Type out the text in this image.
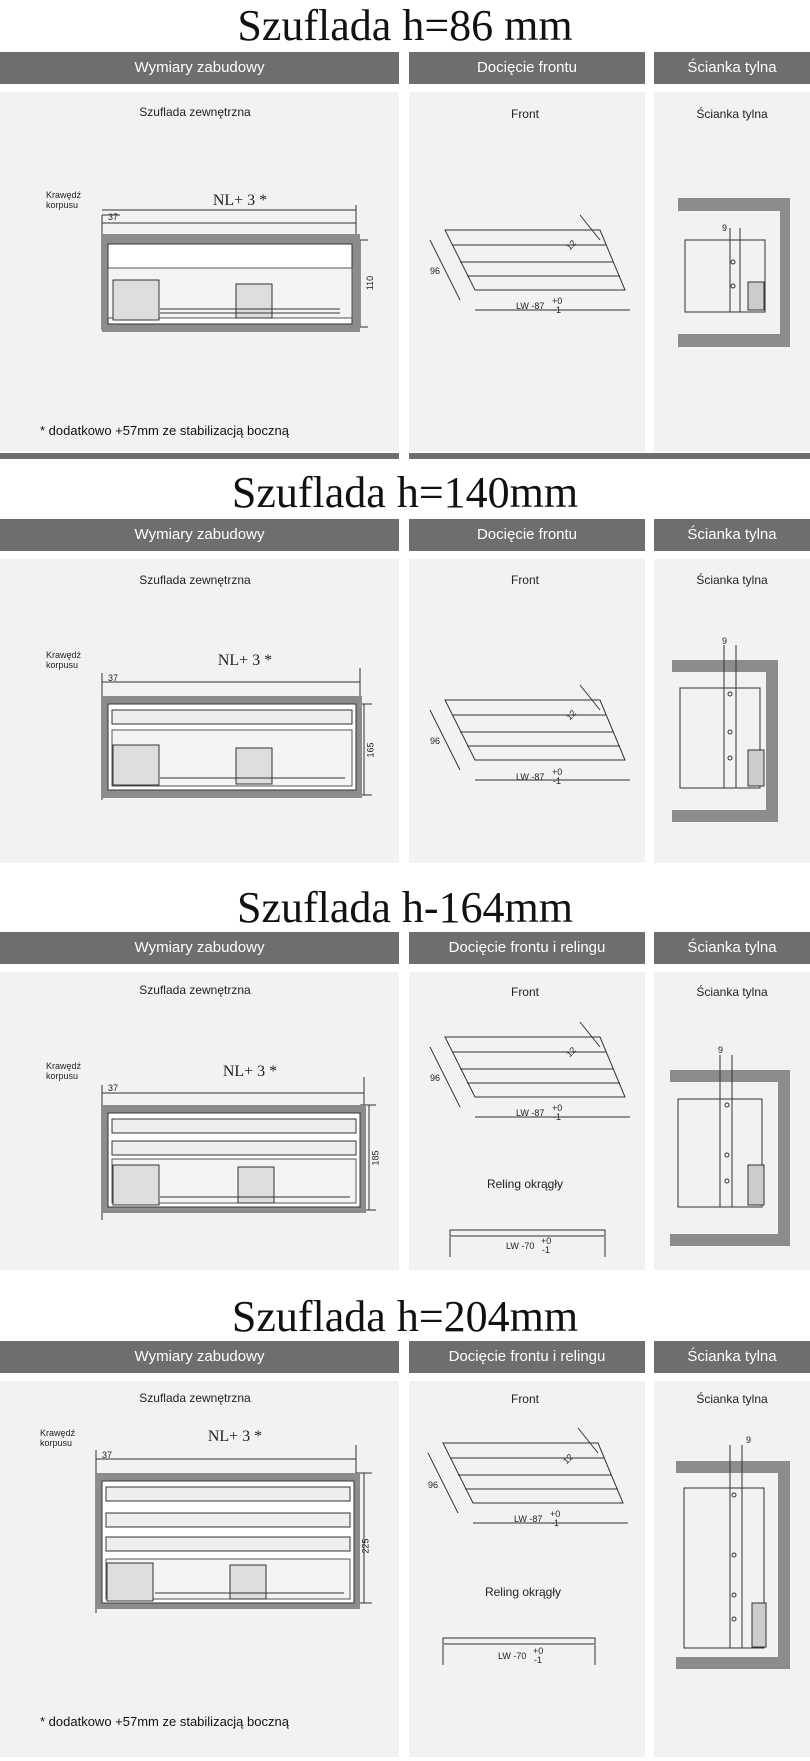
Szuflada h=86 mm
Wymiary zabudowy	Docięcie frontu	Ścianka tylna
Szuflada zewnętrzna
Krawędź korpusu	NL+ 3 *
37
110
Front
96
12
LW -87 +0
-1
Ścianka tylna
9
* dodatkowo +57mm ze stabilizacją boczną
Szuflada h=140mm
Wymiary zabudowy	Docięcie frontu	Ścianka tylna
Szuflada zewnętrzna
Krawędź korpusu	NL+ 3 *
37
165
Front
96
12
LW -87 +0
-1
Ścianka tylna
9
Szuflada h-164mm
Wymiary zabudowy	Docięcie frontu i relingu	Ścianka tylna
Szuflada zewnętrzna
Krawędź korpusu	NL+ 3 *
37
185
Front
96
12
LW -87 +0
-1
Reling okrągły
LW -70 +0
-1
Ścianka tylna
9
Szuflada h=204mm
Wymiary zabudowy	Docięcie frontu i relingu	Ścianka tylna
Szuflada zewnętrzna
Krawędź korpusu	NL+ 3 *
37
225
Front
96
12
LW -87 +0
-1
Reling okrągły
LW -70 +0
-1
Ścianka tylna
9
* dodatkowo +57mm ze stabilizacją boczną
